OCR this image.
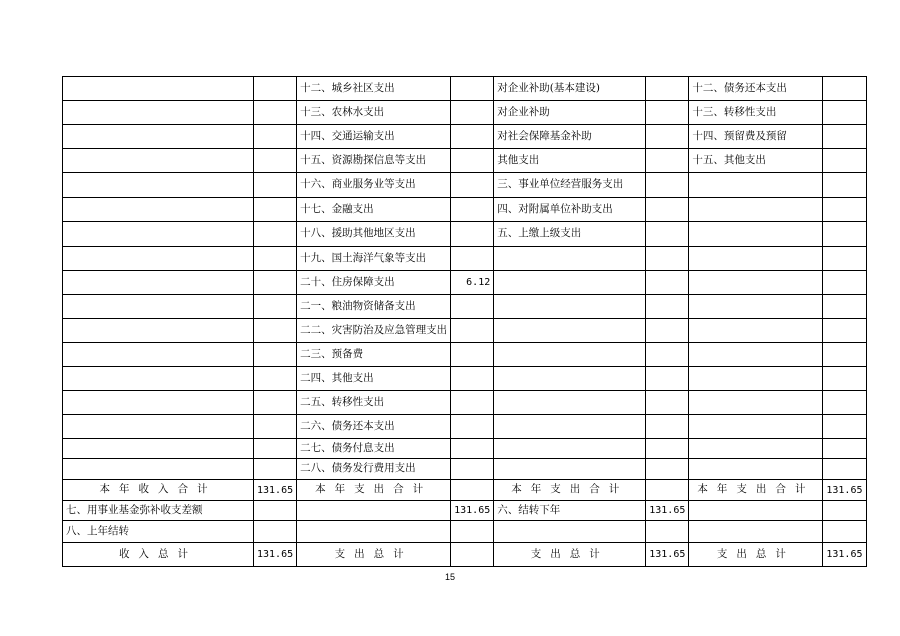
		十二、城乡社区支出		对企业补助(基本建设)		十二、债务还本支出	
		十三、农林水支出		对企业补助		十三、转移性支出	
		十四、交通运输支出		对社会保障基金补助		十四、预留费及预留	
		十五、资源勘探信息等支出		其他支出		十五、其他支出	
		十六、商业服务业等支出		三、事业单位经营服务支出			
		十七、金融支出		四、对附属单位补助支出			
		十八、援助其他地区支出		五、上缴上级支出			
		十九、国土海洋气象等支出					
		二十、住房保障支出	6.12				
		二一、粮油物资储备支出					
		二二、灾害防治及应急管理支出					
		二三、预备费					
		二四、其他支出					
		二五、转移性支出					
		二六、债务还本支出					
		二七、债务付息支出					
		二八、债务发行费用支出					
本年收入合计	131.65	本年支出合计		本年支出合计		本年支出合计	131.65
七、用事业基金弥补收支差额			131.65	六、结转下年	131.65		
八、上年结转							
收入总计	131.65	支出总计		支出总计	131.65	支出总计	131.65
15
